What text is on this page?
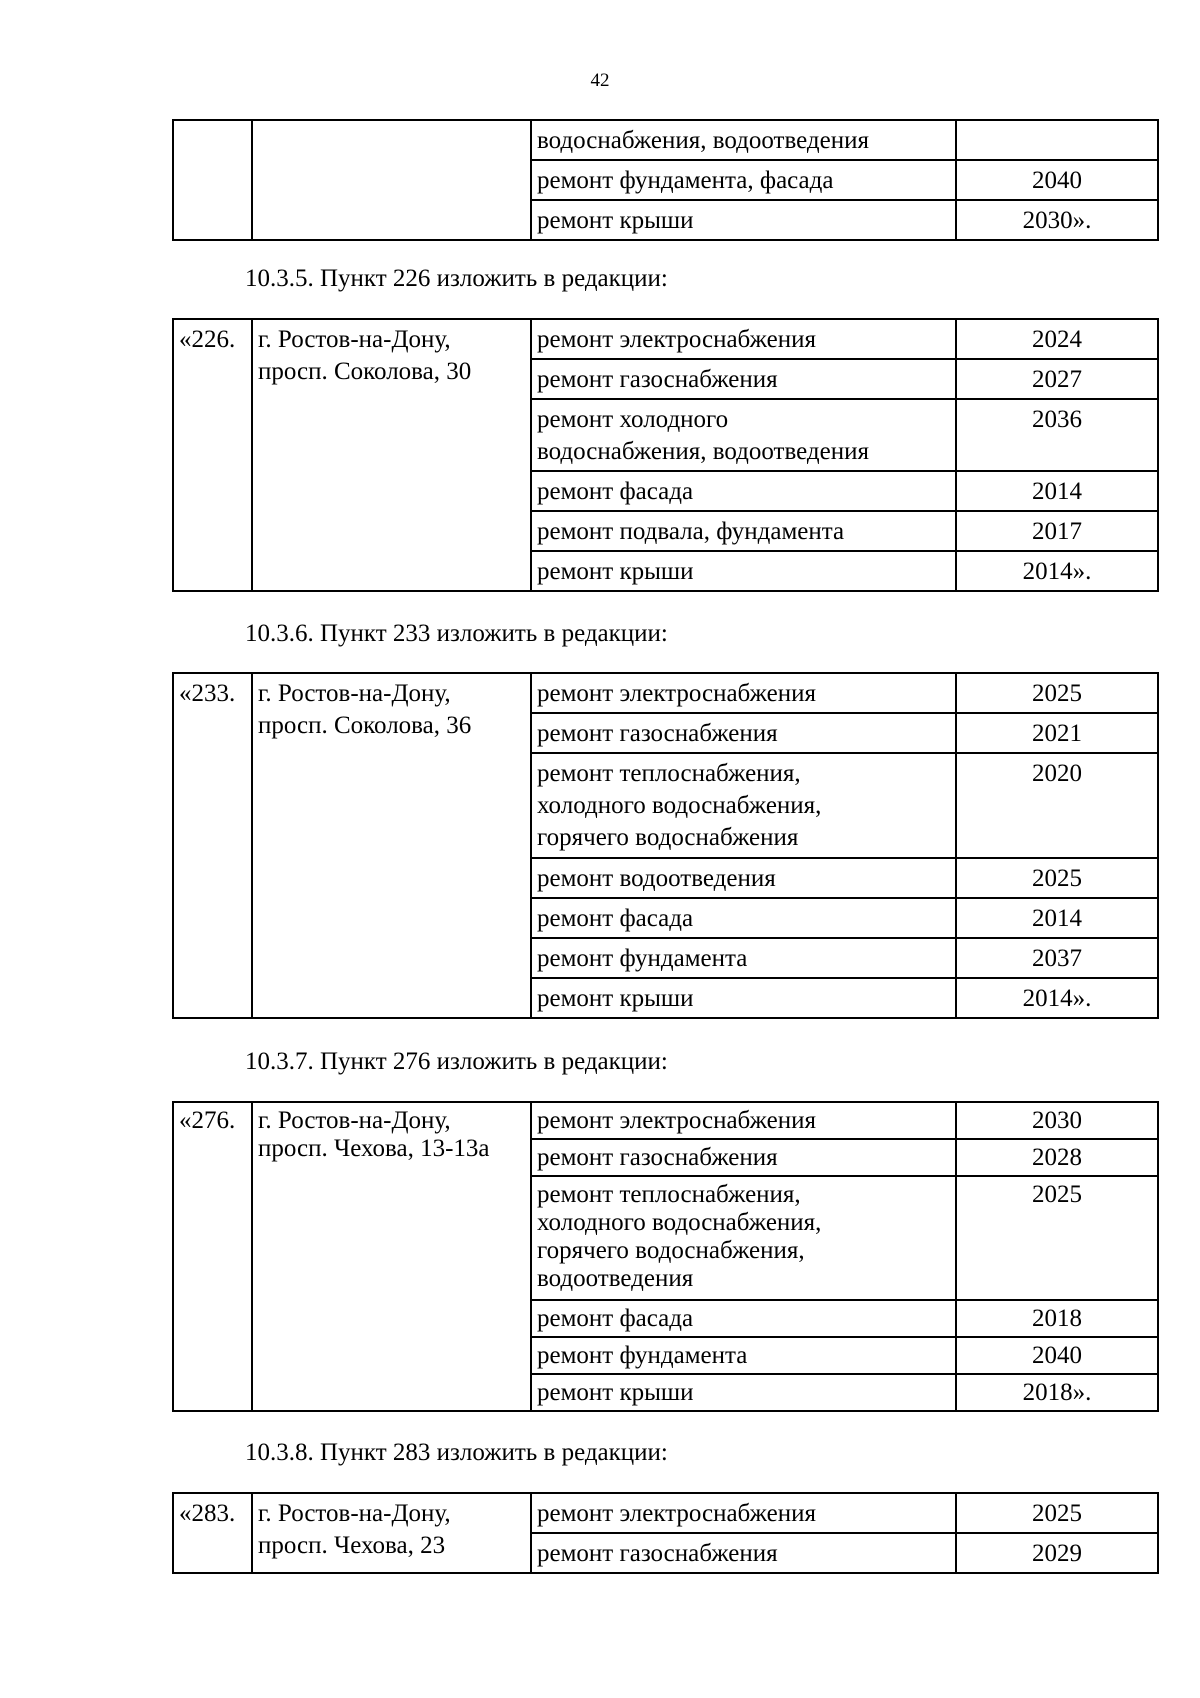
42
		водоснабжения, водоотведения	
		ремонт фундамента, фасада	2040
		ремонт крыши	2030».
10.3.5. Пункт 226 изложить в редакции:
«226.	г. Ростов-на-Дону,
просп. Соколова, 30	ремонт электроснабжения	2024

		ремонт газоснабжения	2027

		ремонт холодного
водоснабжения, водоотведения	2036

		ремонт фасада	2014

		ремонт подвала, фундамента	2017

		ремонт крыши	2014».
10.3.6. Пункт 233 изложить в редакции:
«233.	г. Ростов-на-Дону,
просп. Соколова, 36	ремонт электроснабжения	2025

		ремонт газоснабжения	2021

		ремонт теплоснабжения,
холодного водоснабжения,
горячего водоснабжения	2020

		ремонт водоотведения	2025

		ремонт фасада	2014

		ремонт фундамента	2037

		ремонт крыши	2014».
10.3.7. Пункт 276 изложить в редакции:
«276.	г. Ростов-на-Дону,
просп. Чехова, 13-13а	ремонт электроснабжения	2030

		ремонт газоснабжения	2028

		ремонт теплоснабжения,
холодного водоснабжения,
горячего водоснабжения,
водоотведения	2025

		ремонт фасада	2018

		ремонт фундамента	2040

		ремонт крыши	2018».
10.3.8. Пункт 283 изложить в редакции:
«283.	г. Ростов-на-Дону,
просп. Чехова, 23	ремонт электроснабжения	2025

		ремонт газоснабжения	2029
